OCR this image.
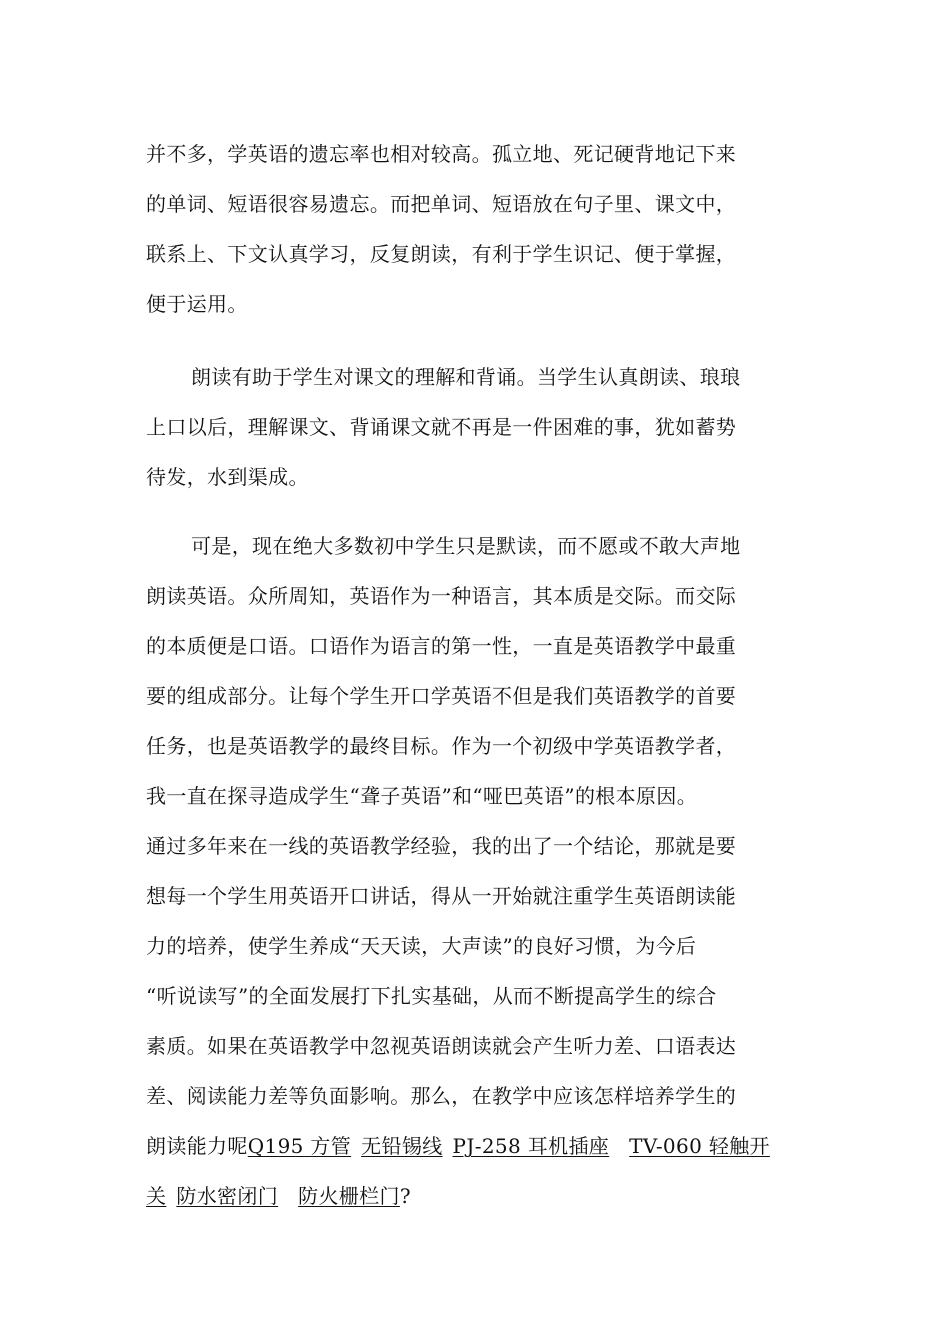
并不多，学英语的遗忘率也相对较高。孤立地、死记硬背地记下来
的单词、短语很容易遗忘。而把单词、短语放在句子里、课文中，
联系上、下文认真学习，反复朗读，有利于学生识记、便于掌握，
便于运用。
朗读有助于学生对课文的理解和背诵。当学生认真朗读、琅琅
上口以后，理解课文、背诵课文就不再是一件困难的事，犹如蓄势
待发，水到渠成。
可是，现在绝大多数初中学生只是默读，而不愿或不敢大声地
朗读英语。众所周知，英语作为一种语言，其本质是交际。而交际
的本质便是口语。口语作为语言的第一性，一直是英语教学中最重
要的组成部分。让每个学生开口学英语不但是我们英语教学的首要
任务，也是英语教学的最终目标。作为一个初级中学英语教学者，
我一直在探寻造成学生“聋子英语”和“哑巴英语”的根本原因。
通过多年来在一线的英语教学经验，我的出了一个结论，那就是要
想每一个学生用英语开口讲话，得从一开始就注重学生英语朗读能
力的培养，使学生养成“天天读，大声读”的良好习惯，为今后
“听说读写”的全面发展打下扎实基础，从而不断提高学生的综合
素质。如果在英语教学中忽视英语朗读就会产生听力差、口语表达
差、阅读能力差等负面影响。那么，在教学中应该怎样培养学生的
朗读能力呢Q195 方管 无铅锡线 PJ-258 耳机插座 TV-060 轻触开
关 防水密闭门 防火栅栏门?
